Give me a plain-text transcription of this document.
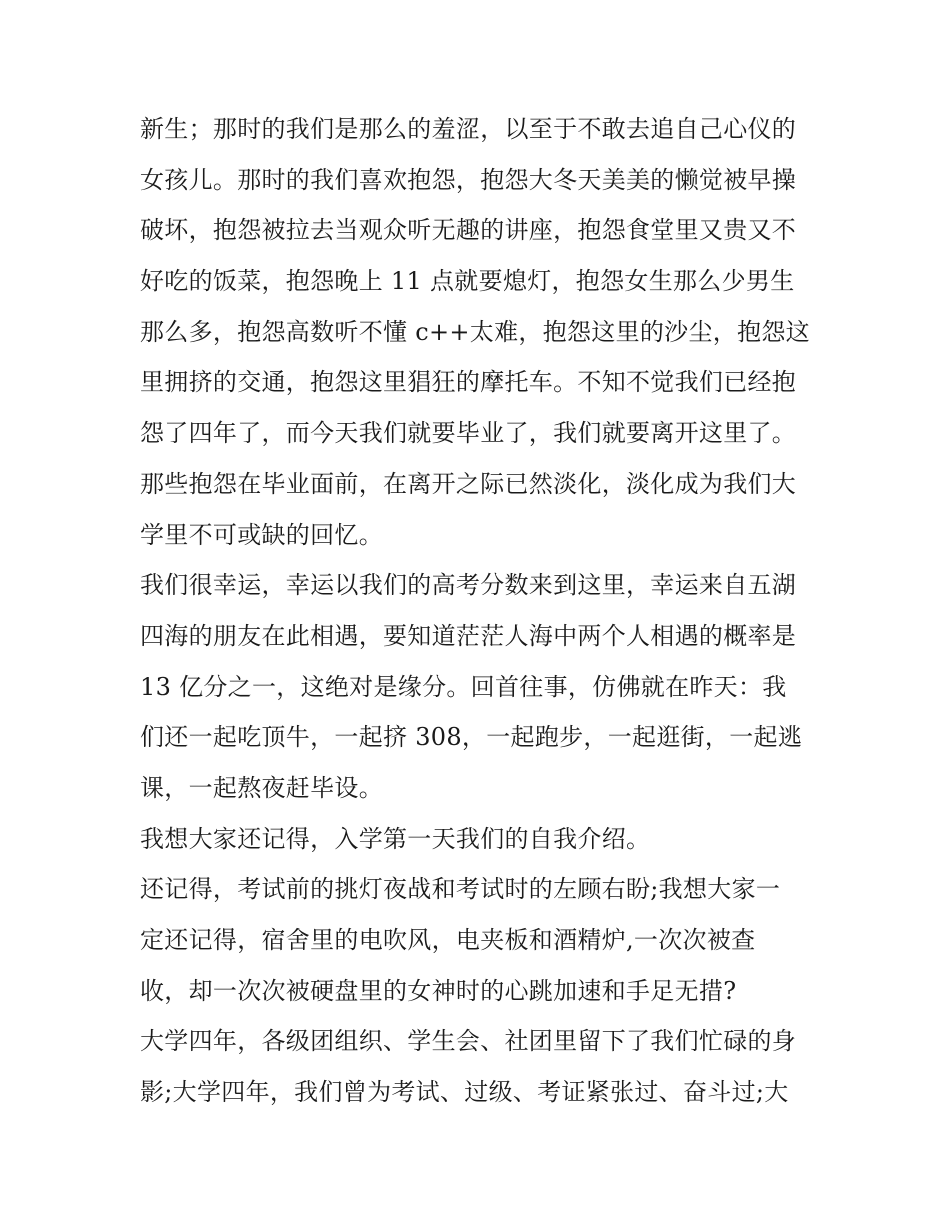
新生；那时的我们是那么的羞涩，以至于不敢去追自己心仪的
女孩儿。那时的我们喜欢抱怨，抱怨大冬天美美的懒觉被早操
破坏，抱怨被拉去当观众听无趣的讲座，抱怨食堂里又贵又不
好吃的饭菜，抱怨晚上 11 点就要熄灯，抱怨女生那么少男生
那么多，抱怨高数听不懂 c++太难，抱怨这里的沙尘，抱怨这
里拥挤的交通，抱怨这里猖狂的摩托车。不知不觉我们已经抱
怨了四年了，而今天我们就要毕业了，我们就要离开这里了。
那些抱怨在毕业面前，在离开之际已然淡化，淡化成为我们大
学里不可或缺的回忆。
我们很幸运，幸运以我们的高考分数来到这里，幸运来自五湖
四海的朋友在此相遇，要知道茫茫人海中两个人相遇的概率是
13 亿分之一，这绝对是缘分。回首往事，仿佛就在昨天：我
们还一起吃顶牛，一起挤 308，一起跑步，一起逛街，一起逃
课，一起熬夜赶毕设。
我想大家还记得，入学第一天我们的自我介绍。
还记得，考试前的挑灯夜战和考试时的左顾右盼;我想大家一
定还记得，宿舍里的电吹风，电夹板和酒精炉,一次次被查
收，却一次次被硬盘里的女神时的心跳加速和手足无措?
大学四年，各级团组织、学生会、社团里留下了我们忙碌的身
影;大学四年，我们曾为考试、过级、考证紧张过、奋斗过;大
